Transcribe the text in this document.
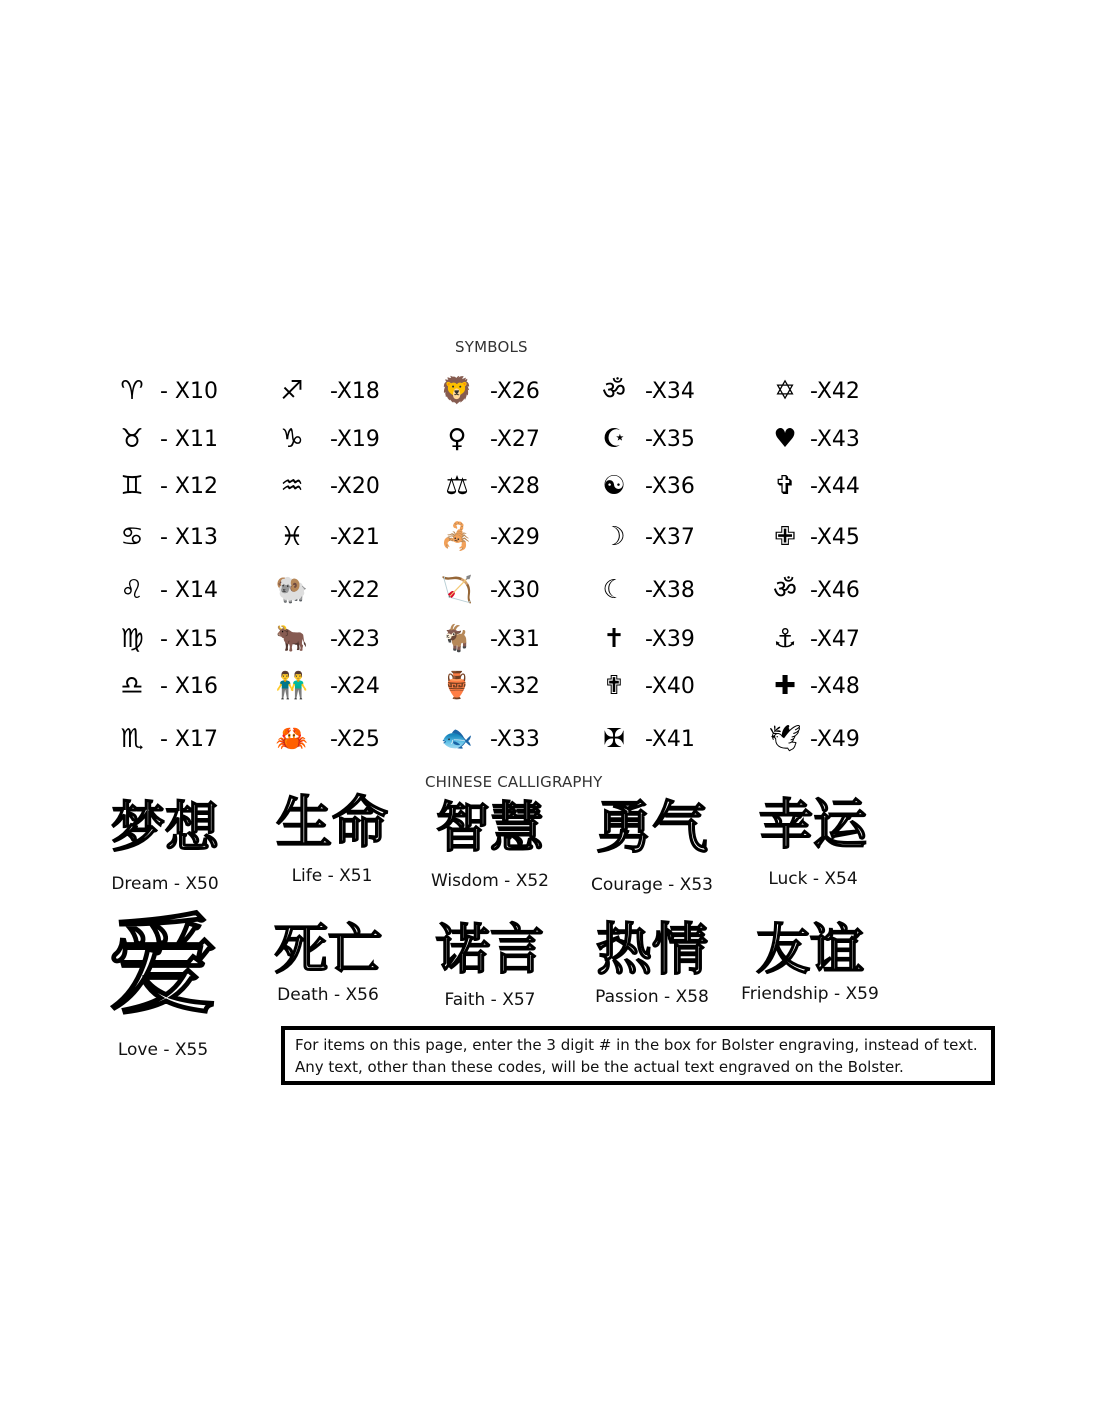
SYMBOLS
♈ - X10
♉ - X11
♊ - X12
♋ - X13
♌ - X14
♍ - X15
♎ - X16
♏ - X17
♐ -X18
♑ -X19
♒ -X20
♓ -X21
🐏 -X22
🐂 -X23
👬 -X24
🦀 -X25
🦁 -X26
♀	-X27
⚖ -X28
🦂 -X29
🏹 -X30
🐐 -X31
🏺 -X32
🐟 -X33
ॐ -X34
☪ -X35
☯ -X36
☽ -X37
☾ -X38
✝ -X39
✟ -X40
✠ -X41
✡ -X42
♥ -X43
✞ -X44
✙ -X45
ॐ -X46
⚓ -X47
✚ -X48
🕊 -X49
CHINESE CALLIGRAPHY
梦想
Dream - X50
生命
Life - X51
智慧
Wisdom - X52
勇气
Courage - X53
幸运
Luck - X54
爱
Love - X55
死亡
Death - X56
诺言
Faith - X57
热情
Passion - X58
友谊
Friendship - X59

For items on this page, enter the 3 digit # in the box for Bolster engraving, instead of text.

Any text, other than these codes, will be the actual text engraved on the Bolster.
